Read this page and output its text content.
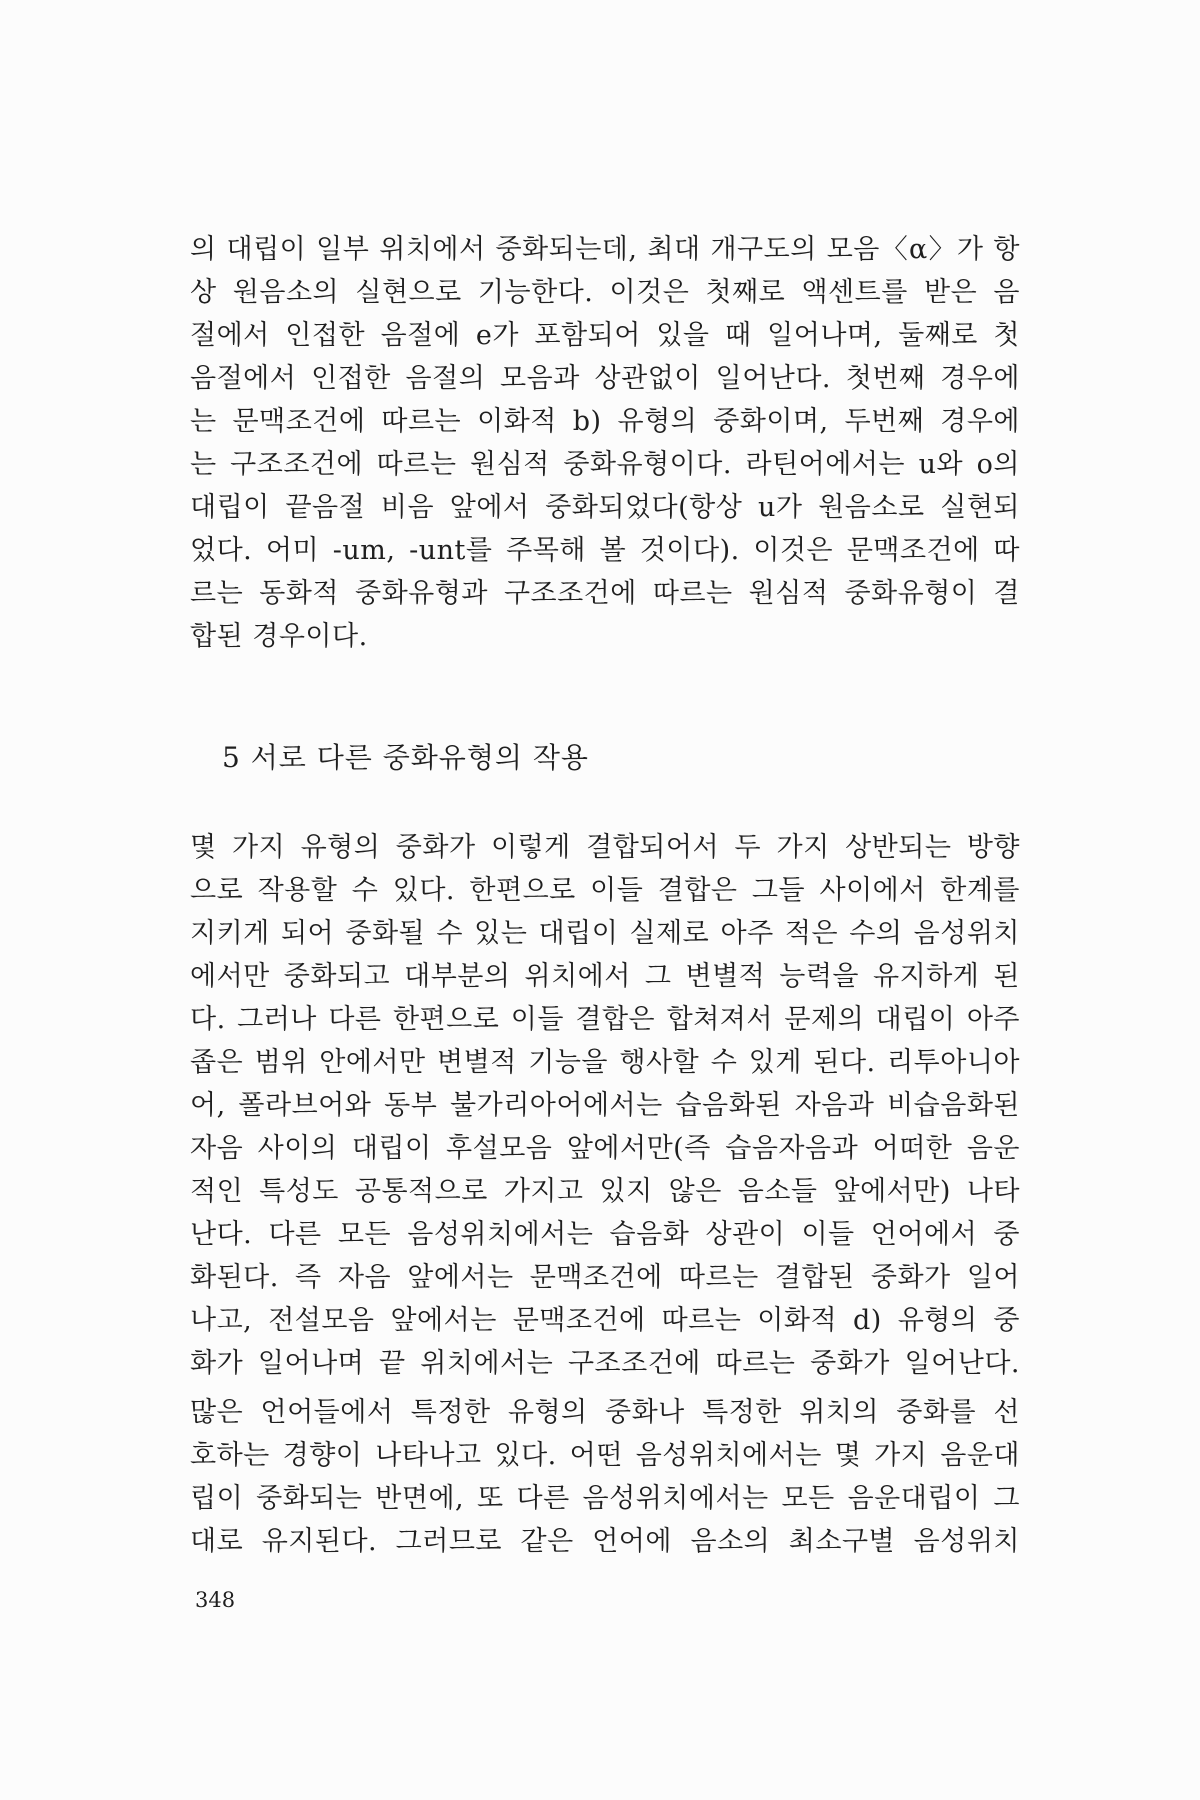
의 대립이 일부 위치에서 중화되는데, 최대 개구도의 모음〈α〉가 항
상 원음소의 실현으로 기능한다. 이것은 첫째로 액센트를 받은 음
절에서 인접한 음절에 e가 포함되어 있을 때 일어나며, 둘째로 첫
음절에서 인접한 음절의 모음과 상관없이 일어난다. 첫번째 경우에
는 문맥조건에 따르는 이화적 b) 유형의 중화이며, 두번째 경우에
는 구조조건에 따르는 원심적 중화유형이다. 라틴어에서는 u와 o의
대립이 끝음절 비음 앞에서 중화되었다(항상 u가 원음소로 실현되
었다. 어미 -um, -unt를 주목해 볼 것이다). 이것은 문맥조건에 따
르는 동화적 중화유형과 구조조건에 따르는 원심적 중화유형이 결
합된 경우이다.
5 서로 다른 중화유형의 작용
몇 가지 유형의 중화가 이렇게 결합되어서 두 가지 상반되는 방향
으로 작용할 수 있다. 한편으로 이들 결합은 그들 사이에서 한계를
지키게 되어 중화될 수 있는 대립이 실제로 아주 적은 수의 음성위치
에서만 중화되고 대부분의 위치에서 그 변별적 능력을 유지하게 된
다. 그러나 다른 한편으로 이들 결합은 합쳐져서 문제의 대립이 아주
좁은 범위 안에서만 변별적 기능을 행사할 수 있게 된다. 리투아니아
어, 폴라브어와 동부 불가리아어에서는 습음화된 자음과 비습음화된
자음 사이의 대립이 후설모음 앞에서만(즉 습음자음과 어떠한 음운
적인 특성도 공통적으로 가지고 있지 않은 음소들 앞에서만) 나타
난다. 다른 모든 음성위치에서는 습음화 상관이 이들 언어에서 중
화된다. 즉 자음 앞에서는 문맥조건에 따르는 결합된 중화가 일어
나고, 전설모음 앞에서는 문맥조건에 따르는 이화적 d) 유형의 중
화가 일어나며 끝 위치에서는 구조조건에 따르는 중화가 일어난다.
많은 언어들에서 특정한 유형의 중화나 특정한 위치의 중화를 선
호하는 경향이 나타나고 있다. 어떤 음성위치에서는 몇 가지 음운대
립이 중화되는 반면에, 또 다른 음성위치에서는 모든 음운대립이 그
대로 유지된다. 그러므로 같은 언어에 음소의 최소구별 음성위치
348
